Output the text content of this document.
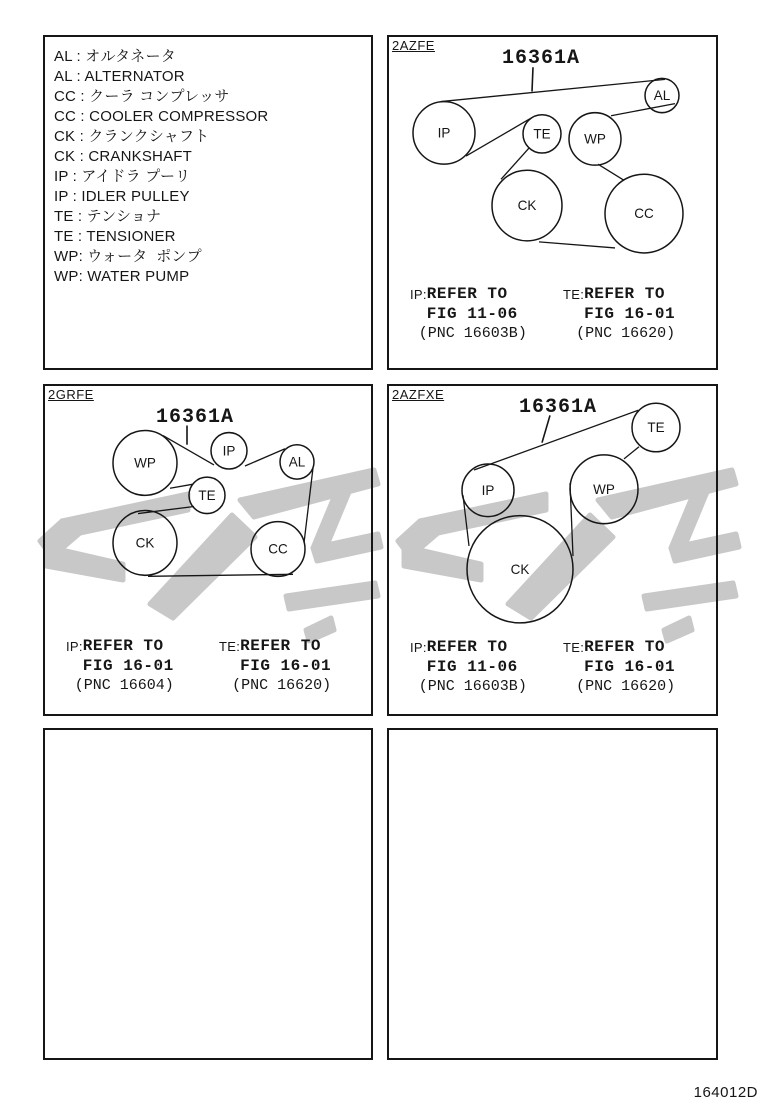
AL : オルタネータ
AL : ALTERNATOR
CC : クーラ コンプレッサ
CC : COOLER COMPRESSOR
CK : クランクシャフト
CK : CRANKSHAFT
IP : アイドラ プーリ
IP : IDLER PULLEY
TE : テンショナ
TE : TENSIONER
WP: ウォータ  ポンプ
WP: WATER PUMP
IP	TE WP
AL
CK
CC
2AZFE
16361A
IP: REFER TO
FIG 11-06
(PNC 16603B)
TE: REFER TO
FIG 16-01
(PNC 16620)
WP
IP
AL
TE
CK	CC
2GRFE
16361A
IP: REFER TO
FIG 16-01
(PNC 16604)
TE: REFER TO
FIG 16-01
(PNC 16620)
TE
IP	WP
CK
2AZFXE
16361A
IP: REFER TO
FIG 11-06
(PNC 16603B)
TE: REFER TO
FIG 16-01
(PNC 16620)
164012D
